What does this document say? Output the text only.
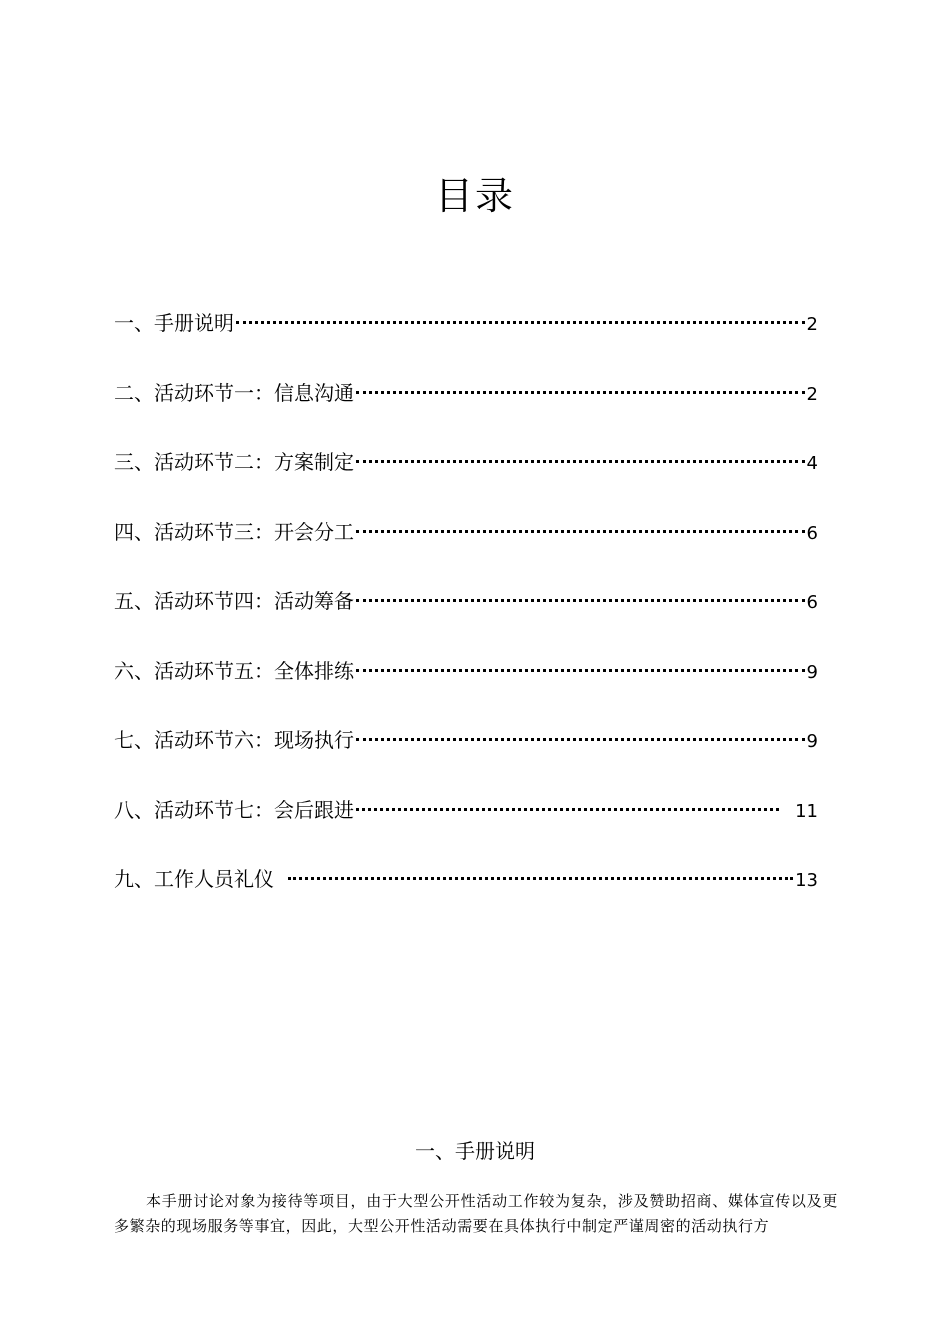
目录
一、手册说明	2
二、活动环节一：信息沟通	2
三、活动环节二：方案制定	4
四、活动环节三：开会分工	6
五、活动环节四：活动筹备	6
六、活动环节五：全体排练	9
七、活动环节六：现场执行	9
八、活动环节七：会后跟进	11
九、工作人员礼仪	13
一、手册说明

本手册讨论对象为接待等项目，由于大型公开性活动工作较为复杂，涉及赞助招商、媒体宣传以及更多繁杂的现场服务等事宜，因此，大型公开性活动需要在具体执行中制定严谨周密的活动执行方
